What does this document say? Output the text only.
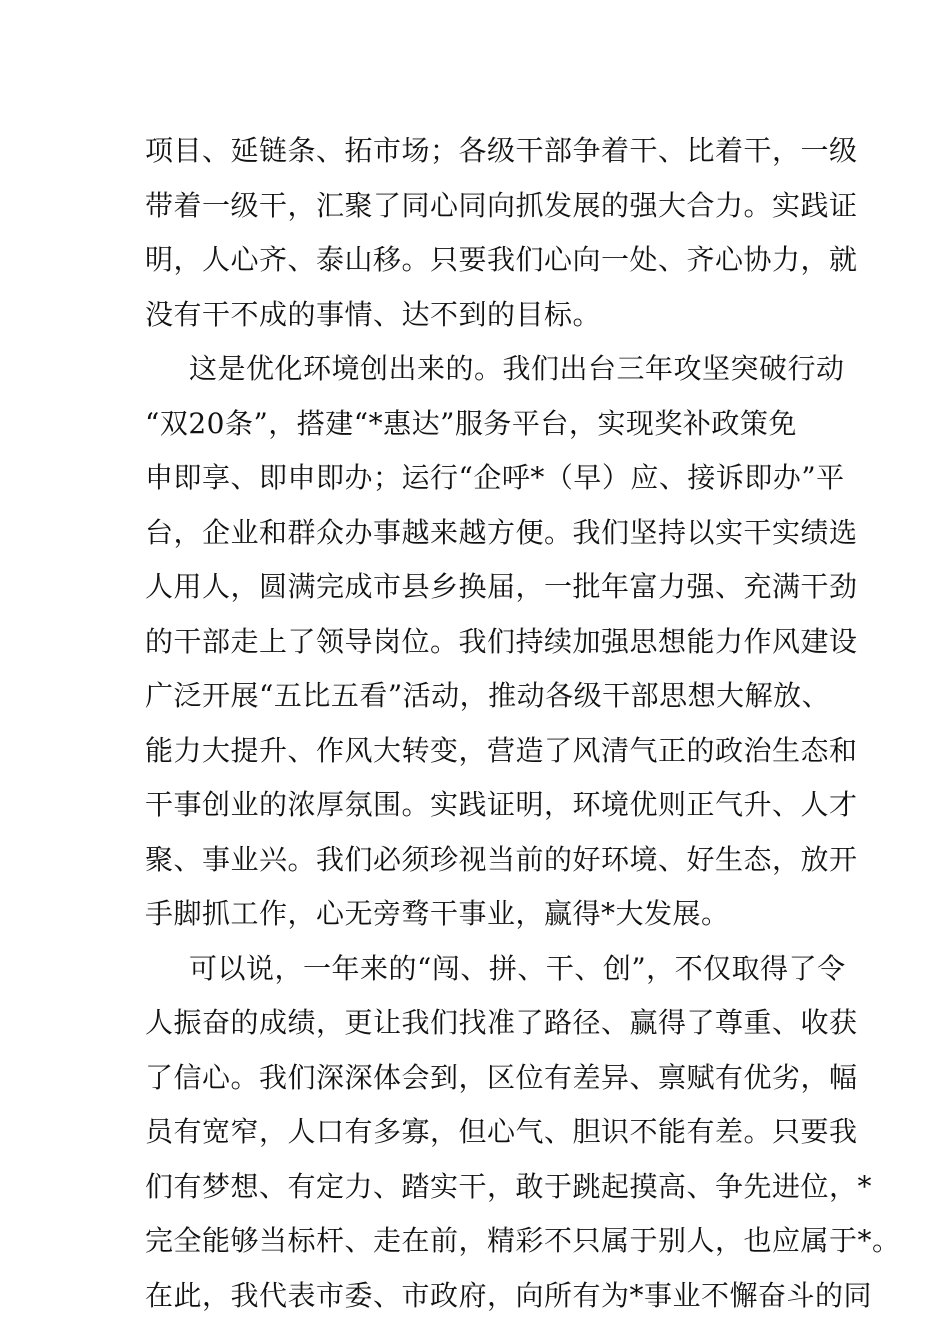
项目、延链条、拓市场；各级干部争着干、比着干，一级
带着一级干，汇聚了同心同向抓发展的强大合力。实践证
明，人心齐、泰山移。只要我们心向一处、齐心协力，就
没有干不成的事情、达不到的目标。
这是优化环境创出来的。我们出台三年攻坚突破行动
“双20条”，搭建“*惠达”服务平台，实现奖补政策免
申即享、即申即办；运行“企呼*（早）应、接诉即办”平
台，企业和群众办事越来越方便。我们坚持以实干实绩选
人用人，圆满完成市县乡换届，一批年富力强、充满干劲
的干部走上了领导岗位。我们持续加强思想能力作风建设
广泛开展“五比五看”活动，推动各级干部思想大解放、
能力大提升、作风大转变，营造了风清气正的政治生态和
干事创业的浓厚氛围。实践证明，环境优则正气升、人才
聚、事业兴。我们必须珍视当前的好环境、好生态，放开
手脚抓工作，心无旁骛干事业，赢得*大发展。
可以说，一年来的“闯、拼、干、创”，不仅取得了令
人振奋的成绩，更让我们找准了路径、赢得了尊重、收获
了信心。我们深深体会到，区位有差异、禀赋有优劣，幅
员有宽窄，人口有多寡，但心气、胆识不能有差。只要我
们有梦想、有定力、踏实干，敢于跳起摸高、争先进位，*
完全能够当标杆、走在前，精彩不只属于别人，也应属于*。
在此，我代表市委、市政府，向所有为*事业不懈奋斗的同
